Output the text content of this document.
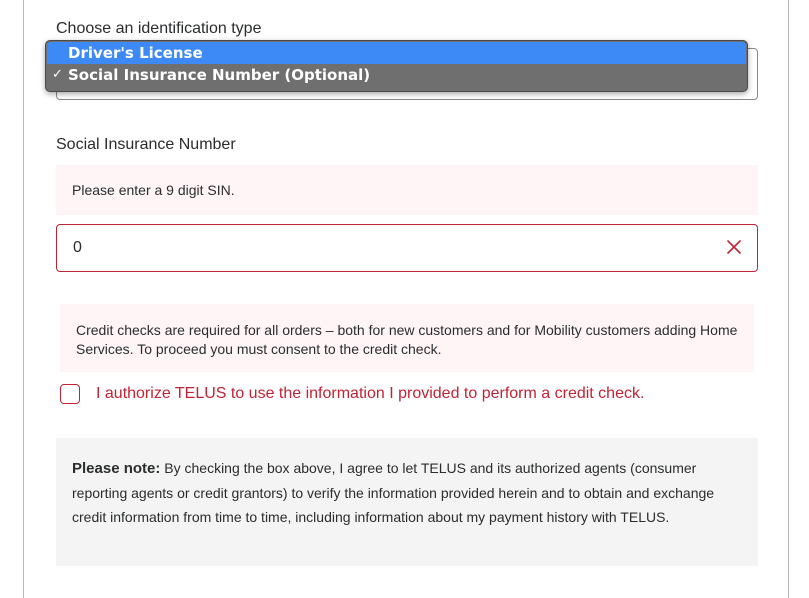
Choose an identification type
Driver's License
✓ Social Insurance Number (Optional)
Social Insurance Number
Please enter a 9 digit SIN.
0
Credit checks are required for all orders – both for new customers and for Mobility customers adding Home Services. To proceed you must consent to the credit check.
I authorize TELUS to use the information I provided to perform a credit check.
Please note: By checking the box above, I agree to let TELUS and its authorized agents (consumer reporting agents or credit grantors) to verify the information provided herein and to obtain and exchange credit information from time to time, including information about my payment history with TELUS.
